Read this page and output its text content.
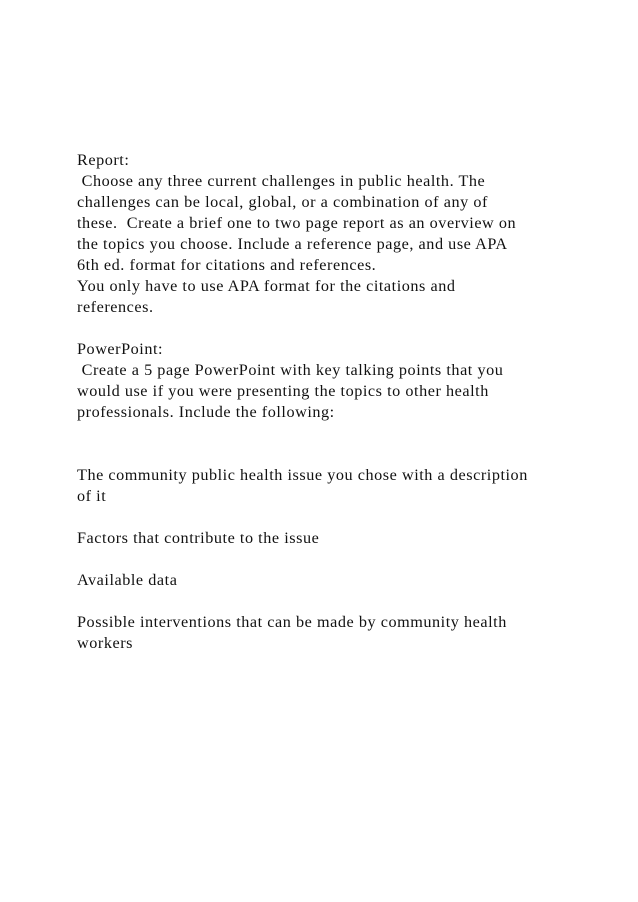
Report:
Choose any three current challenges in public health. The
challenges can be local, global, or a combination of any of
these.  Create a brief one to two page report as an overview on
the topics you choose. Include a reference page, and use APA
6th ed. format for citations and references.
You only have to use APA format for the citations and
references.
PowerPoint:
Create a 5 page PowerPoint with key talking points that you
would use if you were presenting the topics to other health
professionals. Include the following:
The community public health issue you chose with a description
of it
Factors that contribute to the issue
Available data
Possible interventions that can be made by community health
workers
